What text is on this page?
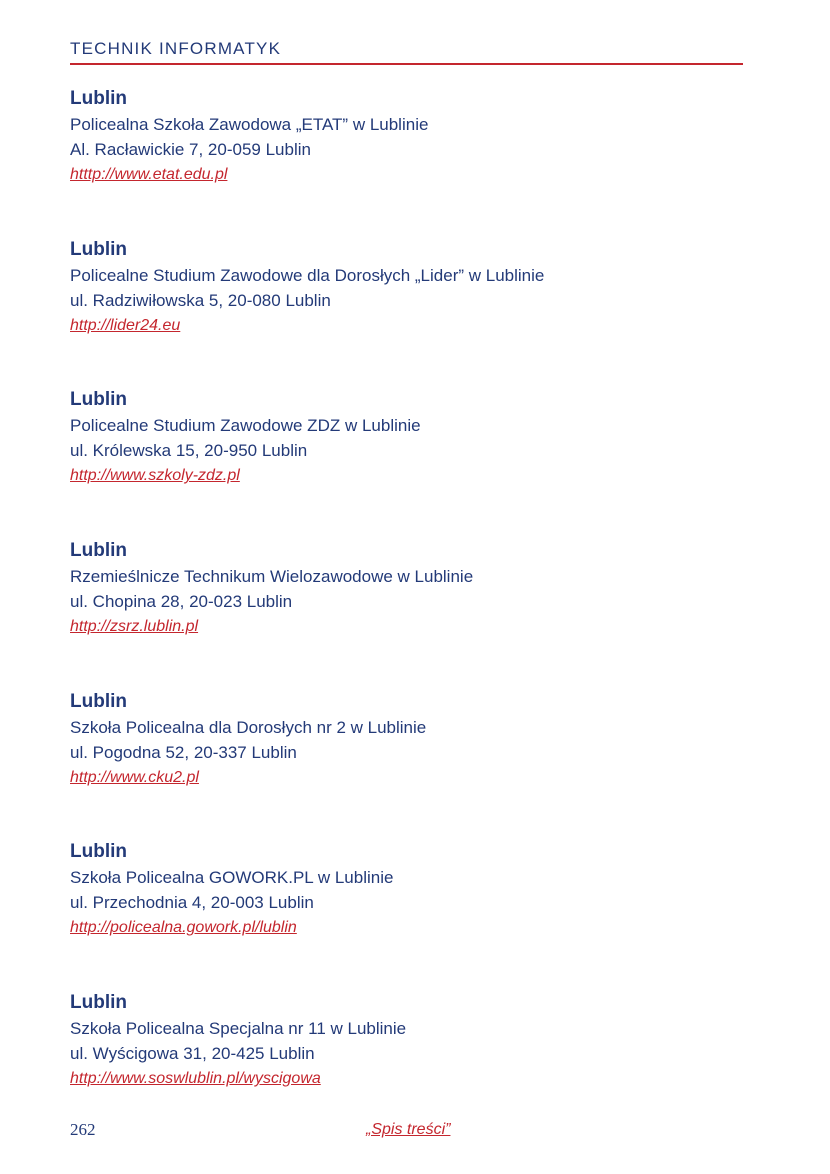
TECHNIK INFORMATYK
Lublin
Policealna Szkoła Zawodowa „ETAT” w Lublinie
Al. Racławickie 7, 20-059 Lublin
htttp://www.etat.edu.pl
Lublin
Policealne Studium Zawodowe dla Dorosłych „Lider” w Lublinie
ul. Radziwiłowska 5, 20-080 Lublin
http://lider24.eu
Lublin
Policealne Studium Zawodowe ZDZ w Lublinie
ul. Królewska 15, 20-950 Lublin
http://www.szkoly-zdz.pl
Lublin
Rzemieślnicze Technikum Wielozawodowe w Lublinie
ul. Chopina 28, 20-023 Lublin
http://zsrz.lublin.pl
Lublin
Szkoła Policealna dla Dorosłych nr 2 w Lublinie
ul. Pogodna 52, 20-337 Lublin
http://www.cku2.pl
Lublin
Szkoła Policealna GOWORK.PL w Lublinie
ul. Przechodnia 4, 20-003 Lublin
http://policealna.gowork.pl/lublin
Lublin
Szkoła Policealna Specjalna nr 11 w Lublinie
ul. Wyścigowa 31, 20-425 Lublin
http://www.soswlublin.pl/wyscigowa
262	„Spis treści”
